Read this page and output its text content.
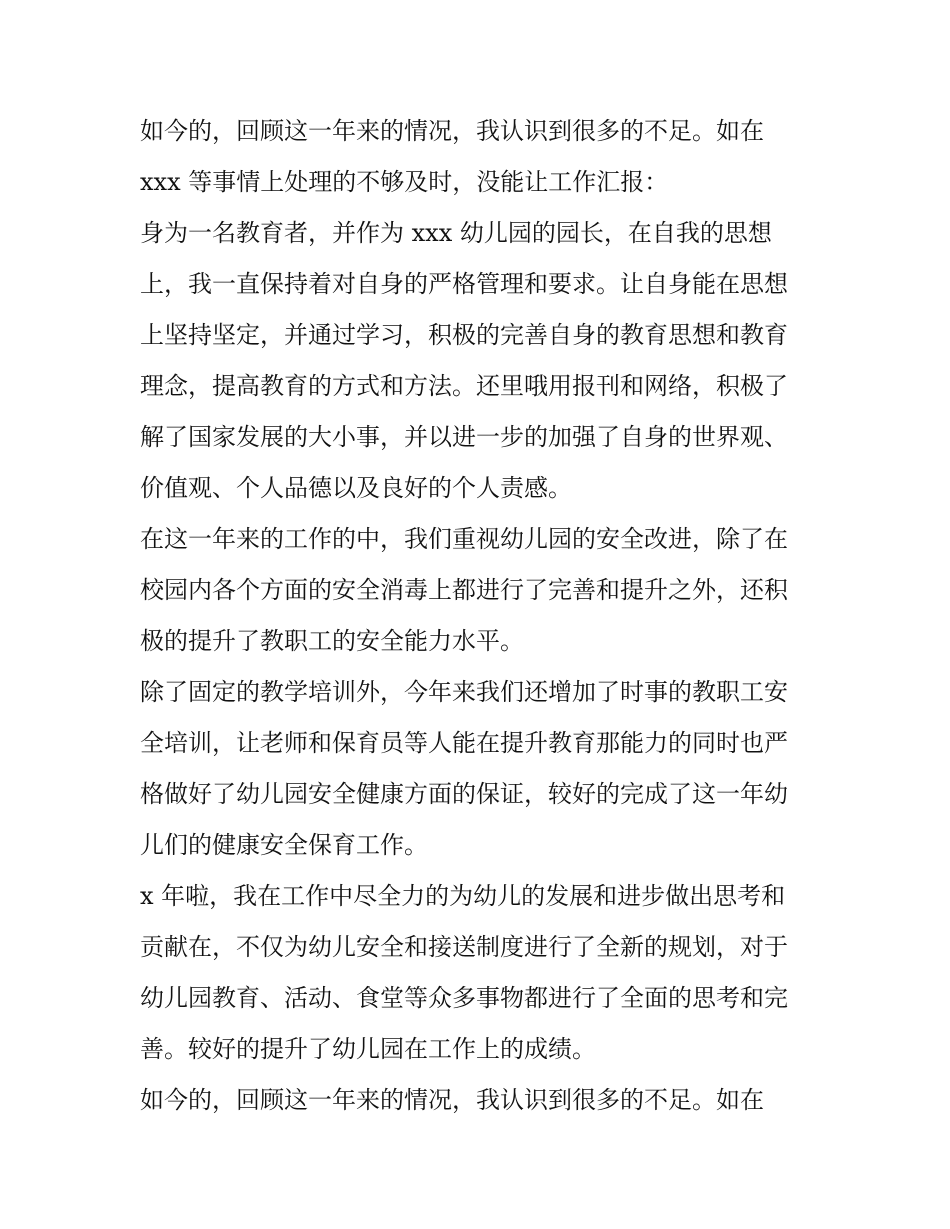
如今的，回顾这一年来的情况，我认识到很多的不足。如在
xxx 等事情上处理的不够及时，没能让工作汇报：
身为一名教育者，并作为 xxx 幼儿园的园长，在自我的思想
上，我一直保持着对自身的严格管理和要求。让自身能在思想
上坚持坚定，并通过学习，积极的完善自身的教育思想和教育
理念，提高教育的方式和方法。还里哦用报刊和网络，积极了
解了国家发展的大小事，并以进一步的加强了自身的世界观、
价值观、个人品德以及良好的个人责感。
在这一年来的工作的中，我们重视幼儿园的安全改进，除了在
校园内各个方面的安全消毒上都进行了完善和提升之外，还积
极的提升了教职工的安全能力水平。
除了固定的教学培训外，今年来我们还增加了时事的教职工安
全培训，让老师和保育员等人能在提升教育那能力的同时也严
格做好了幼儿园安全健康方面的保证，较好的完成了这一年幼
儿们的健康安全保育工作。
x 年啦，我在工作中尽全力的为幼儿的发展和进步做出思考和
贡献在，不仅为幼儿安全和接送制度进行了全新的规划，对于
幼儿园教育、活动、食堂等众多事物都进行了全面的思考和完
善。较好的提升了幼儿园在工作上的成绩。
如今的，回顾这一年来的情况，我认识到很多的不足。如在
